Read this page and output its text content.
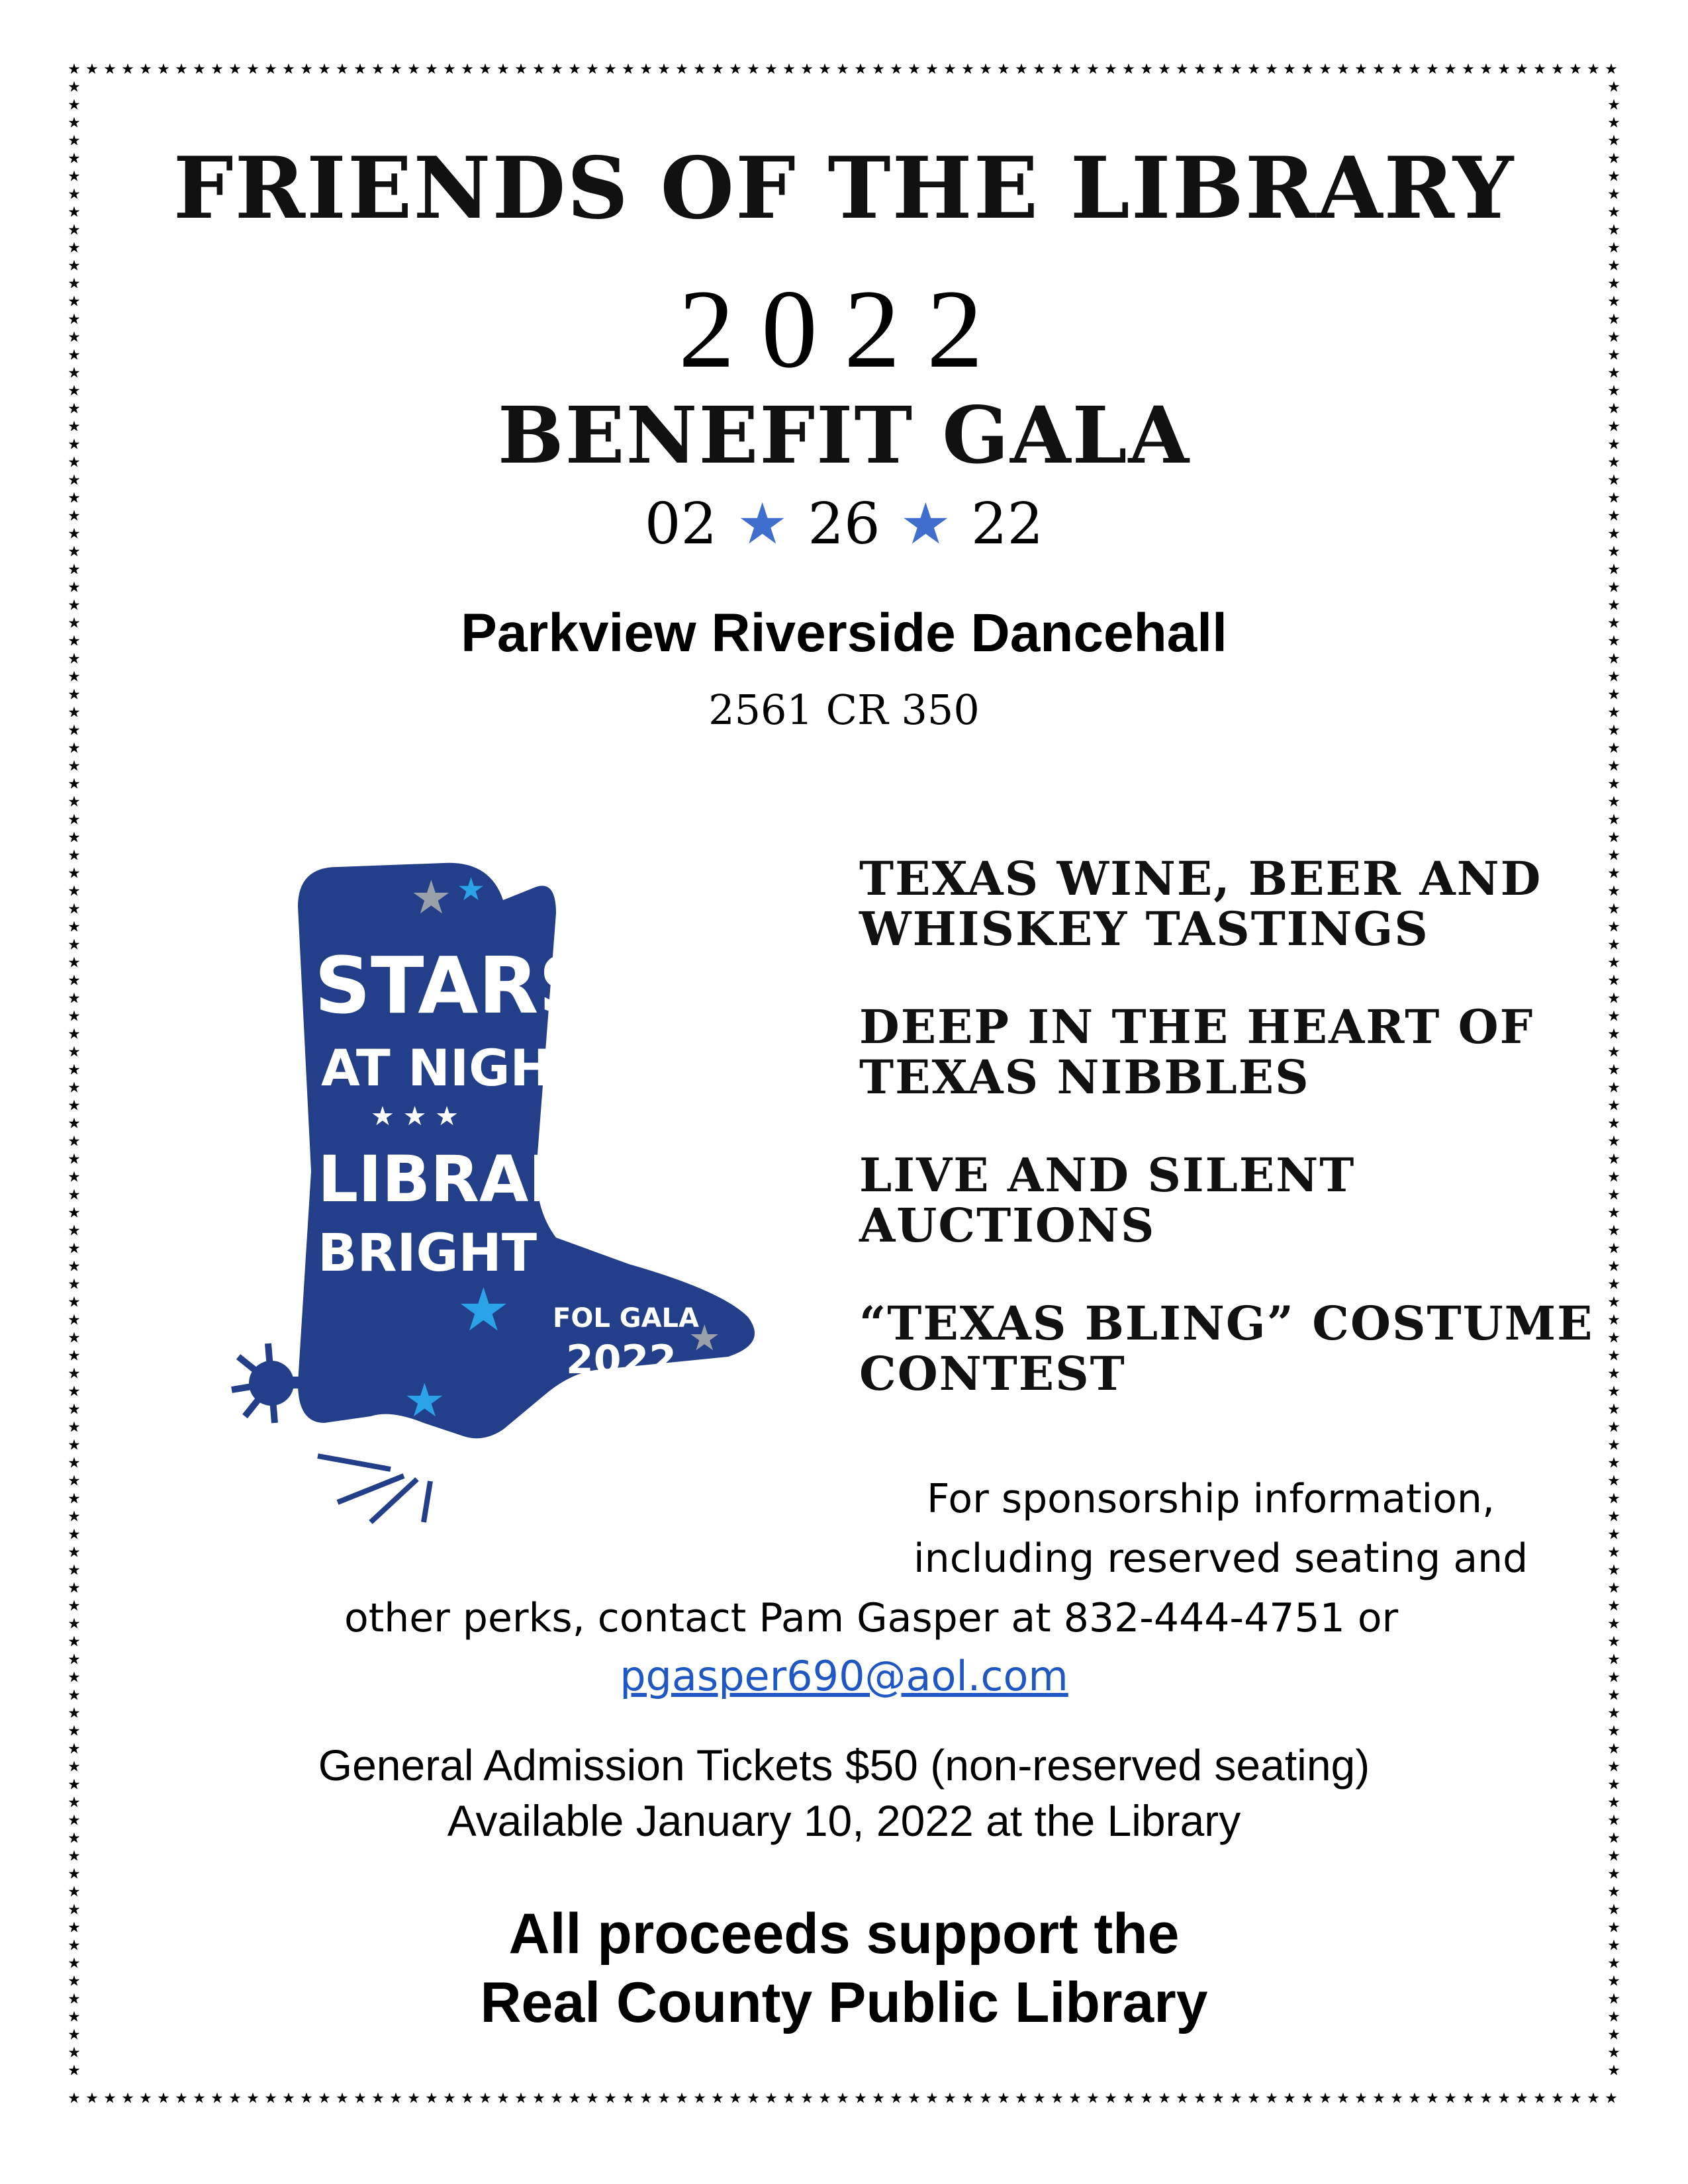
★
★
★
★
★
★
★
★
★
★
★
★
★
★
★
★
★
★
★
★
★
★
★
★
★
★
★
★
★
★
★
★
★
★
★
★
★
★
★
★
★
★
★
★
★
★
★
★
★
★
★
★
★
★
★
★
★
★
★
★
★
★
★
★
★
★
★
★
★
★
★
★
★
★
★
★
★
★
★
★
★
★
★
★
★
★
★
★
★
★
★
★
★
★
★
★
★
★
★
★
★
★
★
★
★
★
★
★
★
★
★
★
★
★
★
★
★
★
★
★
★
★
★
★
★
★
★
★
★
★
★
★
★
★
★
★
★
★
★
★
★
★
★
★
★
★
★
★
★
★
★
★
★
★
★
★
★
★
★
★
★
★
★
★
★
★
★
★
★
★
★
★
★
★
★	★
★	★
★	★
★	★
★	★
★	★
★	★
★	★
★	★
★	★
★	★
★	★
★	★
★	★
★	★
★	★
★	★
★	★
★	★
★	★
★	★
★	★
★	★
★	★
★	★
★	★
★	★
★	★
★	★
★	★
★	★
★	★
★	★
★	★
★	★
★	★
★	★
★	★
★	★
★	★
★	★
★	★
★	★
★	★
★	★
★	★
★	★
★	★
★	★
★	★
★	★
★	★
★	★
★	★
★	★
★	★
★	★
★	★
★	★
★	★
★	★
★	★
★	★
★	★
★	★
★	★
★	★
★	★
★	★
★	★
★	★
★	★
★	★
★	★
★	★
★	★
★	★
★	★
★	★
★	★
★	★
★	★
★	★
★	★
★	★
★	★
★	★
★	★
★	★
★	★
★	★
★	★
★	★
★	★
★	★
★	★
★	★
★	★
★	★
★	★
★	★
★	★
★	★
★	★
★	★
★	★
★	★
★	★
★	★
★	★
★	★
★	★
FRIENDS OF THE LIBRARY
2022
BENEFIT GALA
02 ★ 26 ★ 22
Parkview Riverside Dancehall
2561 CR 350
★ ★
★	★
★
STARS
AT NIGHT
★ ★ ★
LIBRARY
BRIGHT
FOL GALA
2022
TEXAS WINE, BEER AND WHISKEY TASTINGS
DEEP IN THE HEART OF TEXAS NIBBLES
LIVE AND SILENT AUCTIONS
“TEXAS BLING” COSTUME CONTEST
For sponsorship information,
including reserved seating and
other perks, contact Pam Gasper at 832-444-4751 or
pgasper690@aol.com
General Admission Tickets $50 (non-reserved seating)
Available January 10, 2022 at the Library
All proceeds support the
Real County Public Library
